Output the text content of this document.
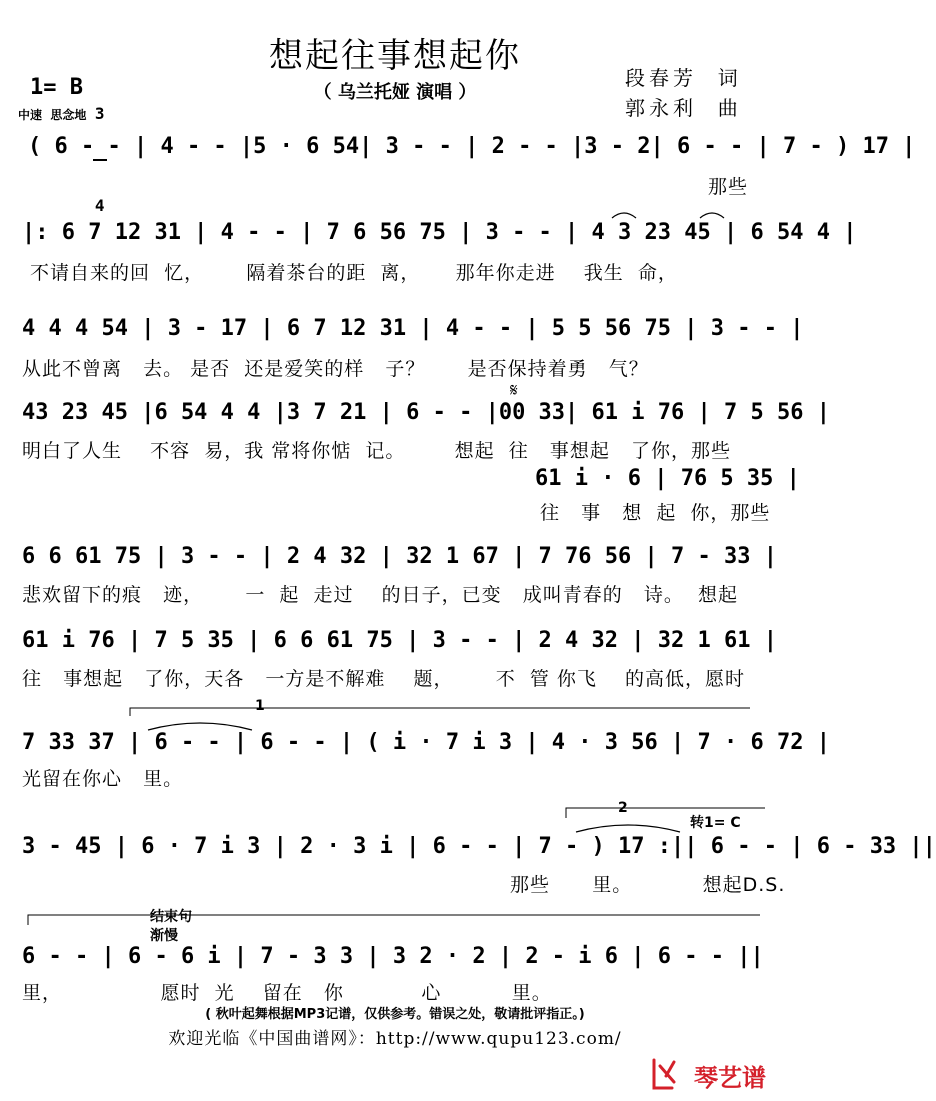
想起往事想起你
（ 乌兰托娅 演唱 ）
段春芳  词
郭永利  曲
1= B

3

4

中速  思念地
( 6 - - | 4 - - |5 · 6 54| 3 - - | 2 - - |3 - 2| 6 - - | 7 - ) 17 |
那些
|: 6 7 12 31 | 4 - - | 7 6 56 75 | 3 - - | 4 3 23 45 | 6 54 4 |
不请自来的回  忆，      隔着茶台的距  离，     那年你走进    我生  命，
4 4 4 54 | 3 - 17 | 6 7 12 31 | 4 - - | 5 5 56 75 | 3 - - |
从此不曾离   去。 是否  还是爱笑的样   子？      是否保持着勇   气？
43 23 45 |6 54 4 4 |3 7 21 | 6 - - |00 33| 61 i 76 | 7 5 56 |
明白了人生    不容  易，我 常将你惦  记。       想起  往   事想起   了你，那些
61 i · 6 | 76 5 35 |
往   事   想  起  你，那些
6 6 61 75 | 3 - - | 2 4 32 | 32 1 67 | 7 76 56 | 7 - 33 |
悲欢留下的痕   迹，      一  起  走过    的日子，已变   成叫青春的   诗。  想起
61 i 76 | 7 5 35 | 6 6 61 75 | 3 - - | 2 4 32 | 32 1 61 |
往   事想起   了你，天各   一方是不解难    题，      不  管 你飞    的高低，愿时
7 33 37 | 6 - - | 6 - - | ( i · 7 i 3 | 4 · 3 56 | 7 · 6 72 |
光留在你心   里。
3 - 45 | 6 · 7 i 3 | 2 · 3 i | 6 - - | 7 - ) 17 :|| 6 - - | 6 - 33 ||
那些      里。          想起D.S.
6 - - | 6 - 6 i | 7 - 3 3 | 3 2 · 2 | 2 - i 6 | 6 - - ||
里，              愿时  光    留在   你           心          里。
1
2
转1= C
结束句
渐慢
𝄋
( 秋叶起舞根据MP3记谱，仅供参考。错误之处，敬请批评指正。)
欢迎光临《中国曲谱网》：http://www.qupu123.com/
琴艺谱
